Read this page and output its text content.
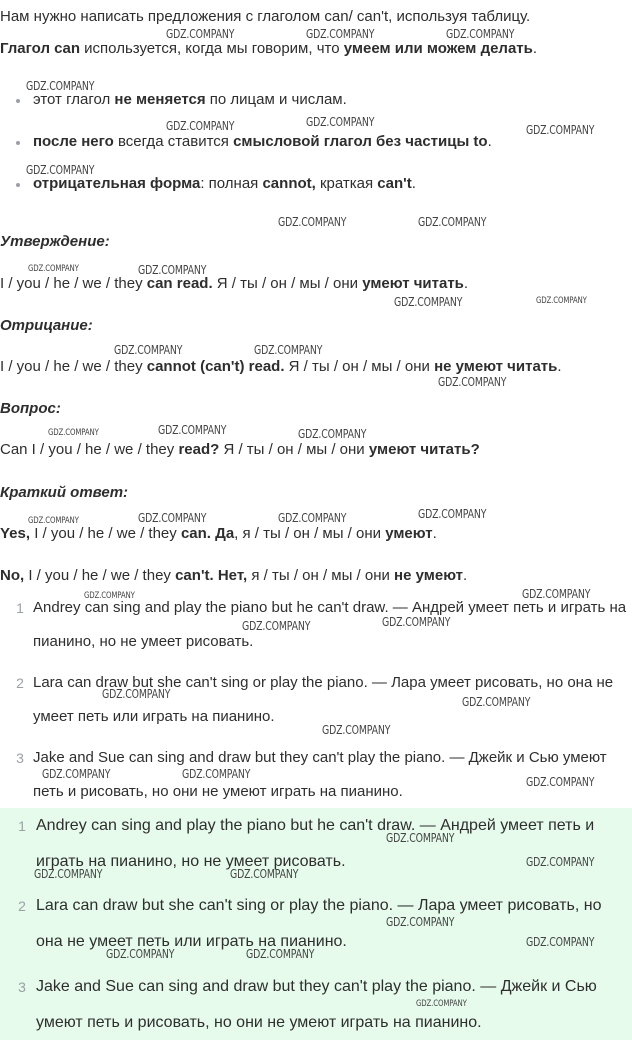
Нам нужно написать предложения с глаголом can/ can't, используя таблицу.
Глагол can используется, когда мы говорим, что умеем или можем делать.
этот глагол не меняется по лицам и числам.
после него всегда ставится смысловой глагол без частицы to.
отрицательная форма: полная cannot, краткая can't.
Утверждение:
I / you / he / we / they can read. Я / ты / он / мы / они умеют читать.
Отрицание:
I / you / he / we / they cannot (can't) read. Я / ты / он / мы / они не умеют читать.
Вопрос:
Can I / you / he / we / they read? Я / ты / он / мы / они умеют читать?
Краткий ответ:
Yes, I / you / he / we / they can. Да, я / ты / он / мы / они умеют.
No, I / you / he / we / they can't. Нет, я / ты / он / мы / они не умеют.
1 Andrey can sing and play the piano but he can't draw. — Андрей умеет петь и играть на пианино, но не умеет рисовать.
2 Lara can draw but she can't sing or play the piano. — Лара умеет рисовать, но она не умеет петь или играть на пианино.
3 Jake and Sue can sing and draw but they can't play the piano. — Джейк и Сью умеют петь и рисовать, но они не умеют играть на пианино.
1 Andrey can sing and play the piano but he can't draw. — Андрей умеет петь и играть на пианино, но не умеет рисовать.
2 Lara can draw but she can't sing or play the piano. — Лара умеет рисовать, но она не умеет петь или играть на пианино.
3 Jake and Sue can sing and draw but they can't play the piano. — Джейк и Сью умеют петь и рисовать, но они не умеют играть на пианино.
GDZ.COMPANY	GDZ.COMPANY	GDZ.COMPANY
GDZ.COMPANY
GDZ.COMPANY	GDZ.COMPANY
GDZ.COMPANY
GDZ.COMPANY
GDZ.COMPANY	GDZ.COMPANY
GDZ.COMPANY	GDZ.COMPANY
GDZ.COMPANY	GDZ.COMPANY
GDZ.COMPANY	GDZ.COMPANY
GDZ.COMPANY
GDZ.COMPANY	GDZ.COMPANY	GDZ.COMPANY
GDZ.COMPANY	GDZ.COMPANY	GDZ.COMPANY	GDZ.COMPANY
GDZ.COMPANY	GDZ.COMPANY
GDZ.COMPANY	GDZ.COMPANY
GDZ.COMPANY
GDZ.COMPANY
GDZ.COMPANY
GDZ.COMPANY	GDZ.COMPANY
GDZ.COMPANY
GDZ.COMPANY
GDZ.COMPANY
GDZ.COMPANY	GDZ.COMPANY
GDZ.COMPANY
GDZ.COMPANY
GDZ.COMPANY	GDZ.COMPANY
GDZ.COMPANY
